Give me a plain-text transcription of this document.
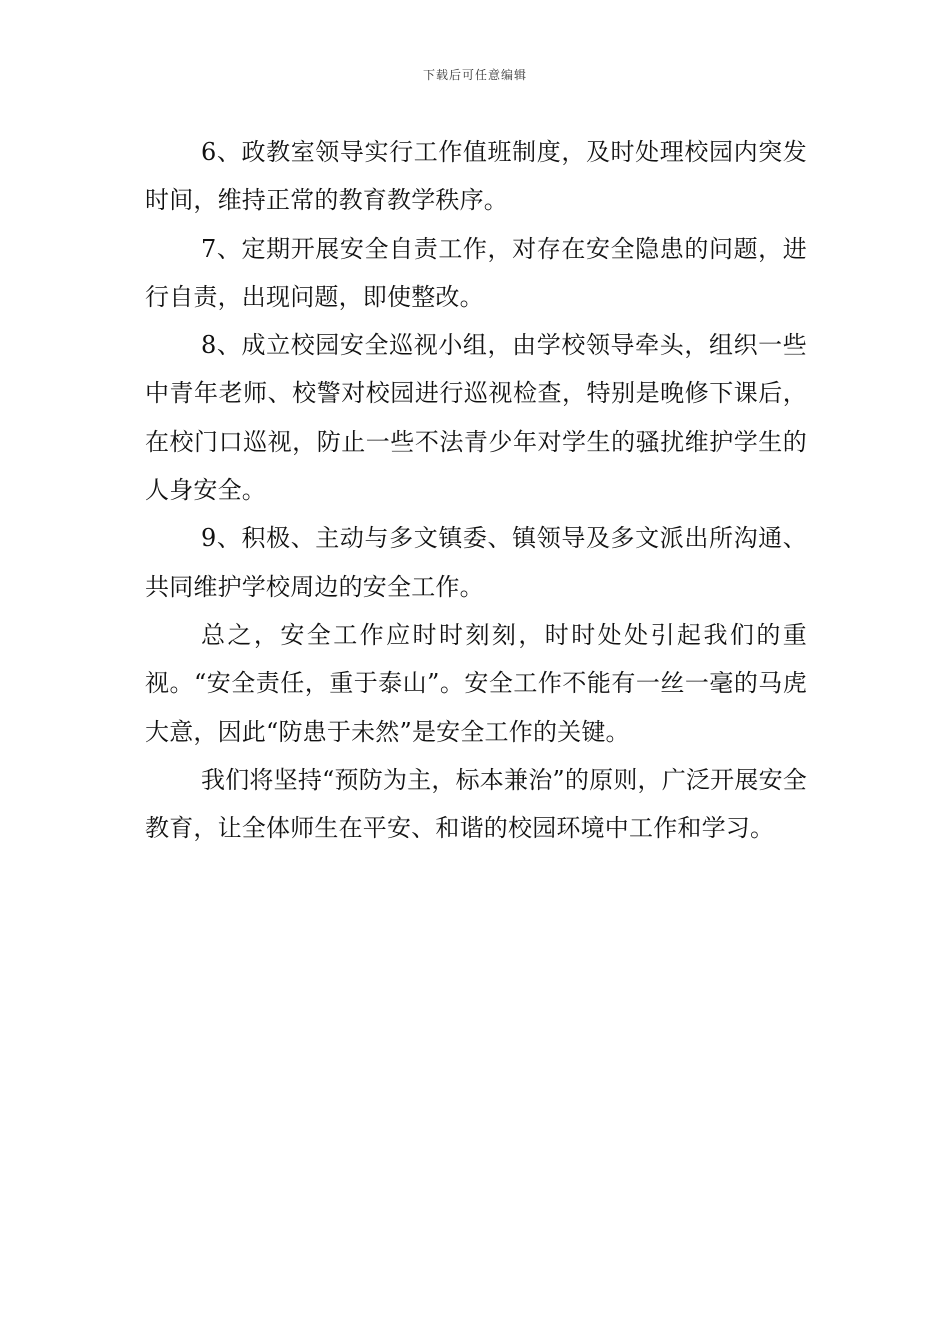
下载后可任意编辑

6、政教室领导实行工作值班制度，及时处理校园内突发时间，维持正常的教育教学秩序。

7、定期开展安全自责工作，对存在安全隐患的问题，进行自责，出现问题，即使整改。

8、成立校园安全巡视小组，由学校领导牵头，组织一些中青年老师、校警对校园进行巡视检查，特别是晚修下课后，在校门口巡视，防止一些不法青少年对学生的骚扰维护学生的人身安全。

9、积极、主动与多文镇委、镇领导及多文派出所沟通、共同维护学校周边的安全工作。

总之，安全工作应时时刻刻，时时处处引起我们的重视。“安全责任，重于泰山”。安全工作不能有一丝一毫的马虎大意，因此“防患于未然”是安全工作的关键。

我们将坚持“预防为主，标本兼治”的原则，广泛开展安全教育，让全体师生在平安、和谐的校园环境中工作和学习。
